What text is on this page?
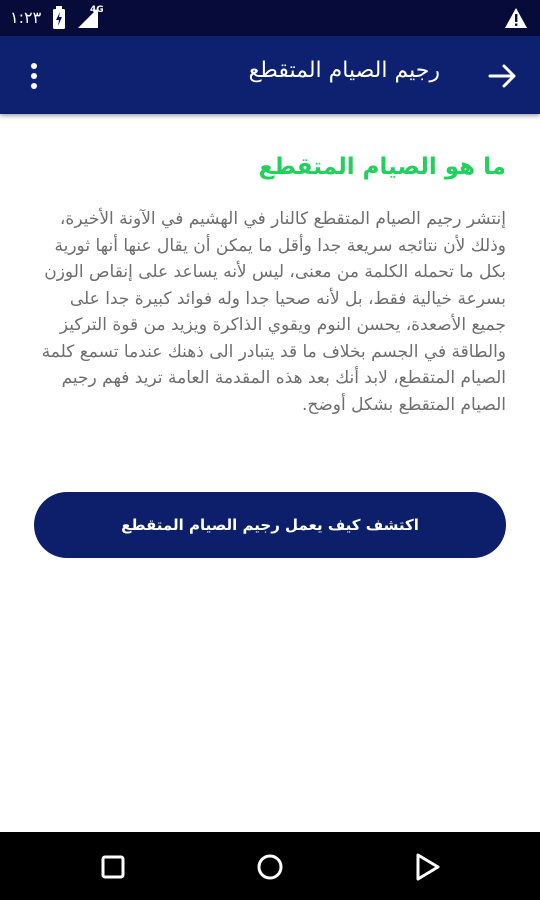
١:٢٣	4G
رجيم الصيام المتقطع
ما هو الصيام المتقطع
إنتشر رجيم الصيام المتقطع كالنار في الهشيم في الآونة الأخيرة، وذلك لأن نتائجه سريعة جدا وأقل ما يمكن أن يقال عنها أنها ثورية بكل ما تحمله الكلمة من معنى، ليس لأنه يساعد على إنقاص الوزن بسرعة خيالية فقط، بل لأنه صحيا جدا وله فوائد كبيرة جدا على جميع الأصعدة، يحسن النوم ويقوي الذاكرة ويزيد من قوة التركيز والطاقة في الجسم بخلاف ما قد يتبادر الى ذهنك عندما تسمع كلمة الصيام المتقطع، لابد أنك بعد هذه المقدمة العامة تريد فهم رجيم الصيام المتقطع بشكل أوضح.
اكتشف كيف يعمل رجيم الصيام المتقطع
